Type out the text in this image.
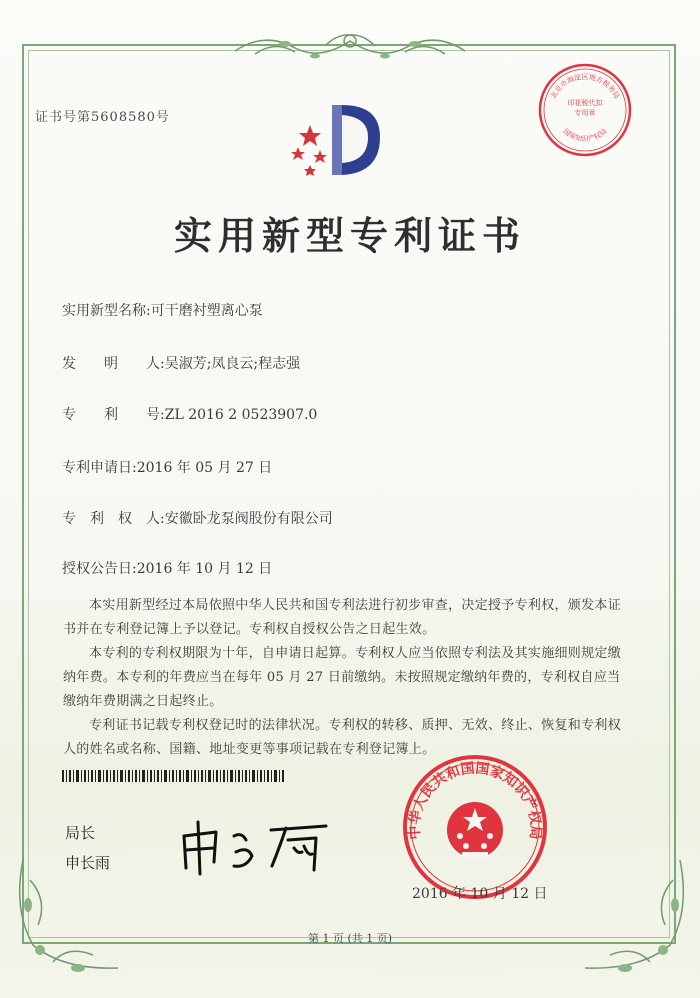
证书号第5608580号
北京市海淀区地方税务局
国家知识产权局
印花税代扣专用章
实用新型专利证书
实用新型名称:可干磨衬塑离心泵
发　　明　　人:吴淑芳;凤良云;程志强
专　　利　　号:ZL 2016 2 0523907.0
专利申请日:2016 年 05 月 27 日
专　利　权　人:安徽卧龙泵阀股份有限公司
授权公告日:2016 年 10 月 12 日
本实用新型经过本局依照中华人民共和国专利法进行初步审查，决定授予专利权，颁发本证书并在专利登记簿上予以登记。专利权自授权公告之日起生效。
本专利的专利权期限为十年，自申请日起算。专利权人应当依照专利法及其实施细则规定缴纳年费。本专利的年费应当在每年 05 月 27 日前缴纳。未按照规定缴纳年费的，专利权自应当缴纳年费期满之日起终止。
专利证书记载专利权登记时的法律状况。专利权的转移、质押、无效、终止、恢复和专利权人的姓名或名称、国籍、地址变更等事项记载在专利登记簿上。
局长
申长雨
中华人民共和国国家知识产权局
2016 年 10 月 12 日
第 1 页 (共 1 页)
